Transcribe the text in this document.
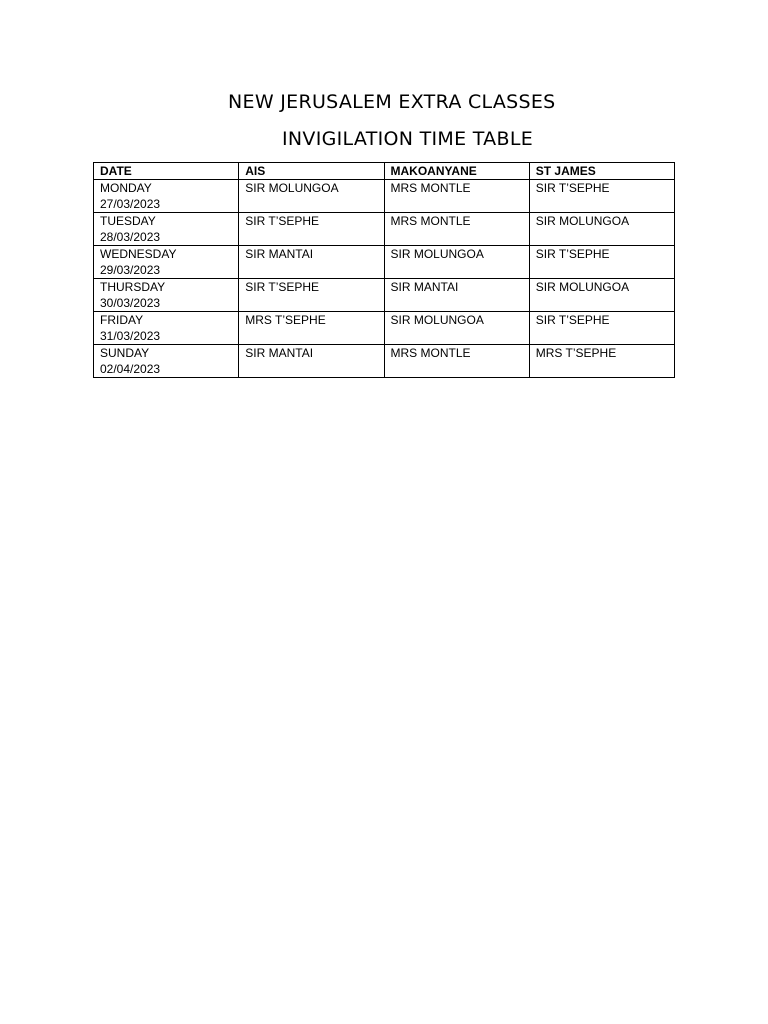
NEW JERUSALEM EXTRA CLASSES
INVIGILATION TIME TABLE
DATE	AIS	MAKOANYANE	ST JAMES

MONDAY
27/03/2023	SIR MOLUNGOA	MRS MONTLE	SIR T’SEPHE

TUESDAY
28/03/2023	SIR T’SEPHE	MRS MONTLE	SIR MOLUNGOA

WEDNESDAY
29/03/2023	SIR MANTAI	SIR MOLUNGOA	SIR T’SEPHE

THURSDAY
30/03/2023	SIR T’SEPHE	SIR MANTAI	SIR MOLUNGOA

FRIDAY
31/03/2023	MRS T’SEPHE	SIR MOLUNGOA	SIR T’SEPHE

SUNDAY
02/04/2023	SIR MANTAI	MRS MONTLE	MRS T’SEPHE
